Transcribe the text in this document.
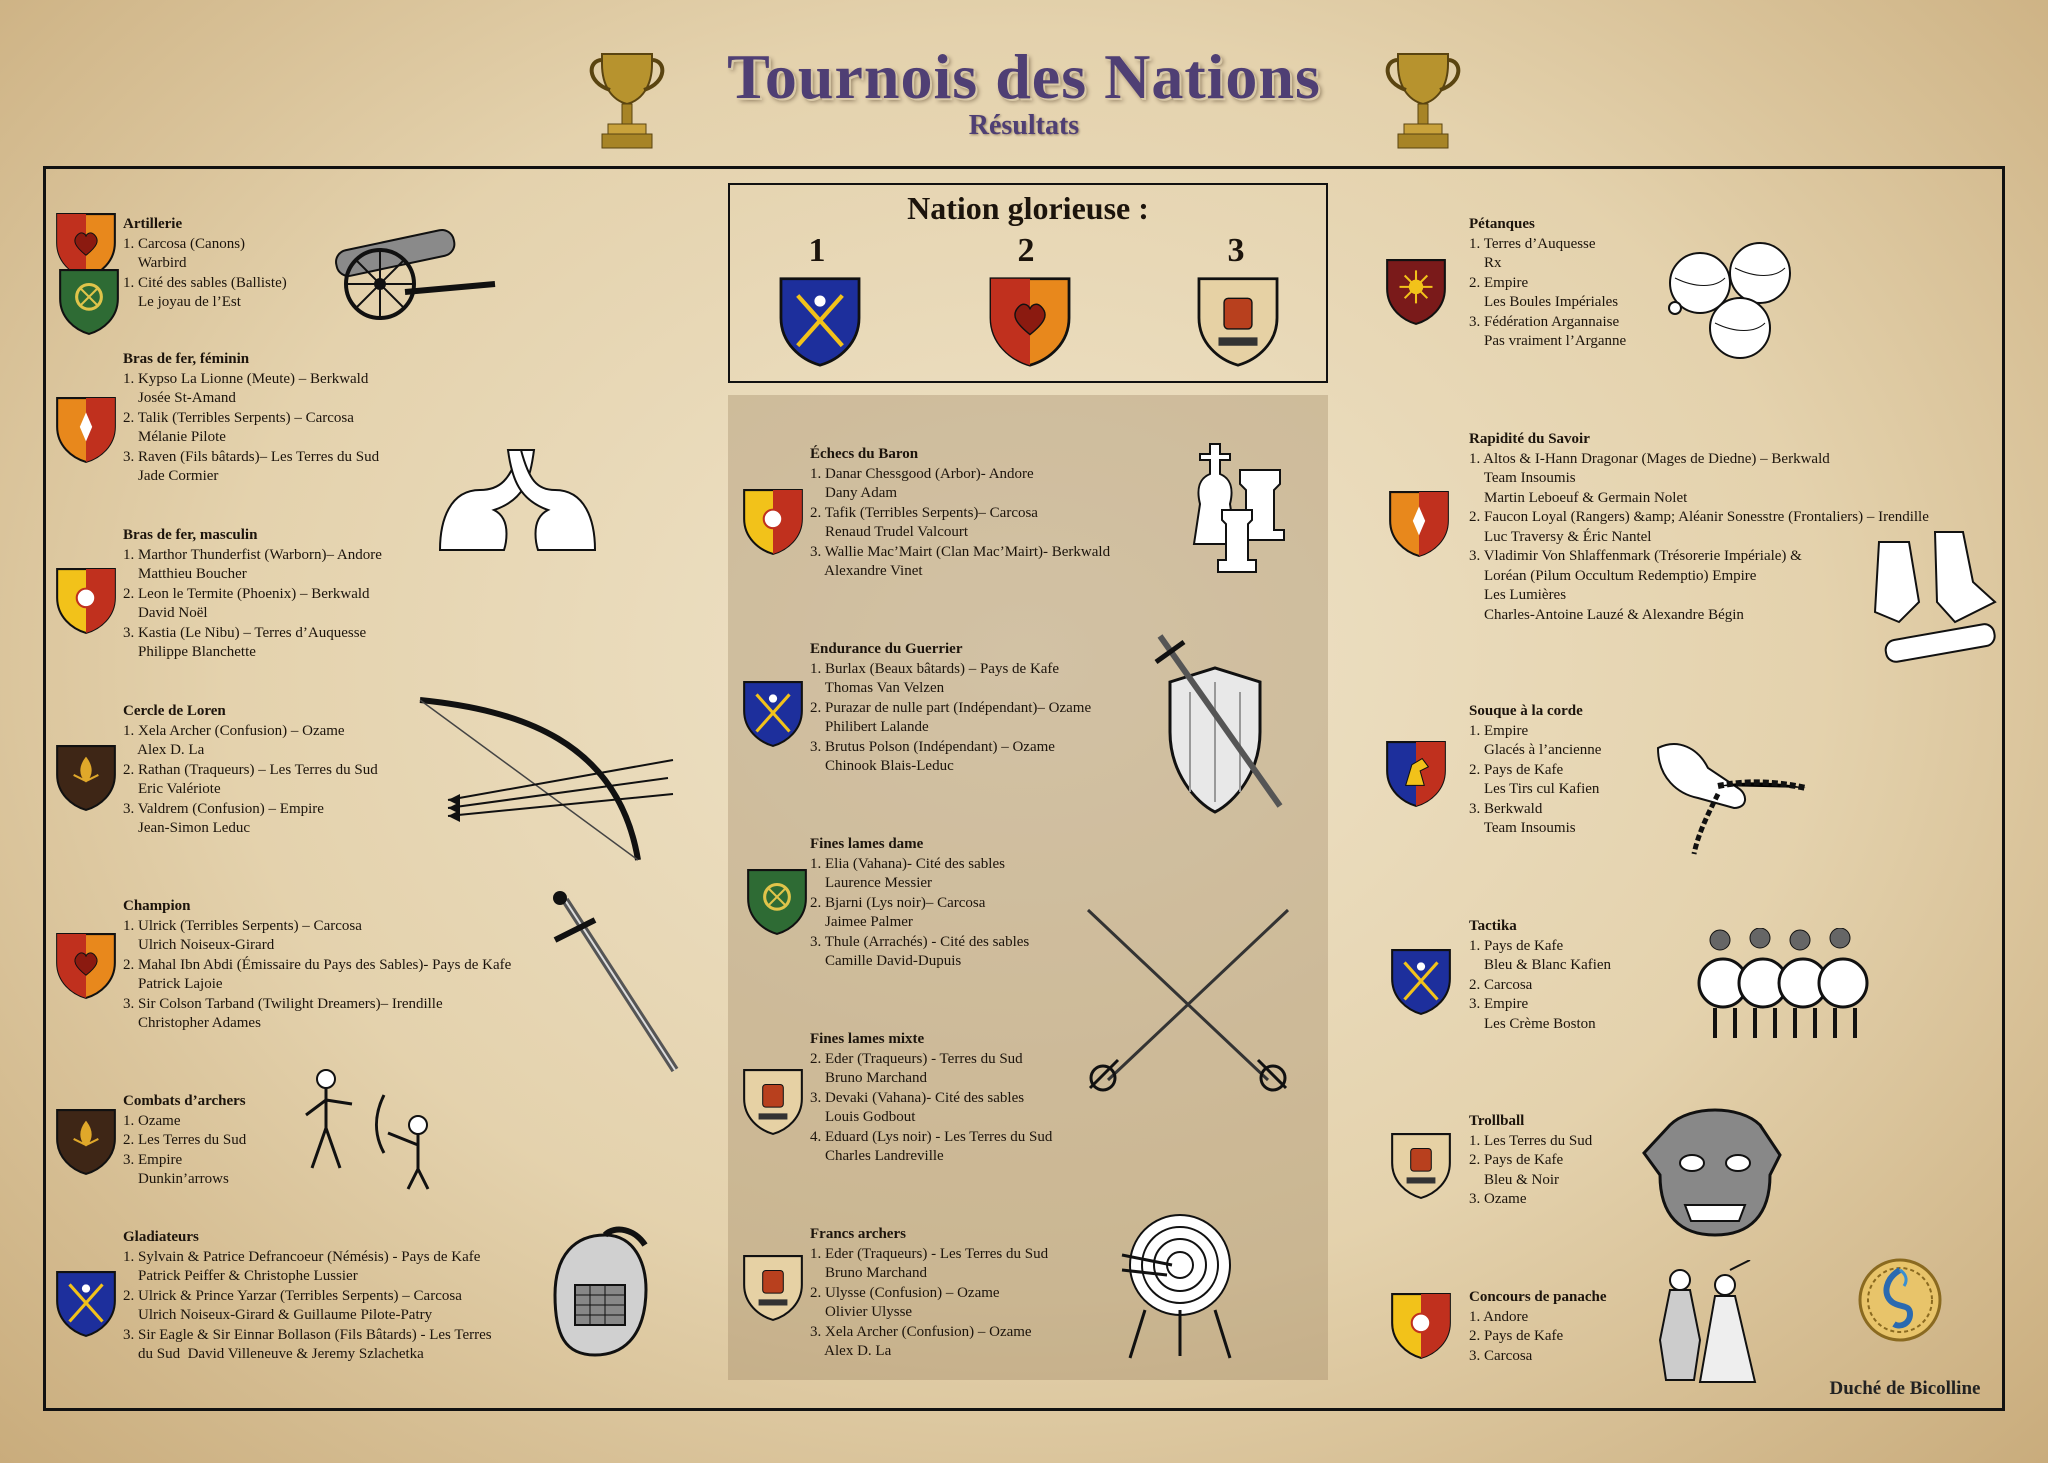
Tournois des Nations
Résultats
Nation glorieuse :
1	2	3
Artillerie
1. Carcosa (Canons)
Warbird
1. Cité des sables (Balliste)
Le joyau de l’Est
Bras de fer, féminin
1. Kypso La Lionne (Meute) – Berkwald
Josée St-Amand
2. Talik (Terribles Serpents) – Carcosa
Mélanie Pilote
3. Raven (Fils bâtards)– Les Terres du Sud
Jade Cormier
Bras de fer, masculin
1. Marthor Thunderfist (Warborn)– Andore
Matthieu Boucher
2. Leon le Termite (Phoenix) – Berkwald
David Noël
3. Kastia (Le Nibu) – Terres d’Auquesse
Philippe Blanchette
Cercle de Loren
1. Xela Archer (Confusion) – Ozame
Alex D. La
2. Rathan (Traqueurs) – Les Terres du Sud
Eric Valériote
3. Valdrem (Confusion) – Empire
Jean-Simon Leduc
Champion
1. Ulrick (Terribles Serpents) – Carcosa
Ulrich Noiseux-Girard
2. Mahal Ibn Abdi (Émissaire du Pays des Sables)- Pays de Kafe
Patrick Lajoie
3. Sir Colson Tarband (Twilight Dreamers)– Irendille
Christopher Adames
Combats d’archers
1. Ozame
2. Les Terres du Sud
3. Empire
Dunkin’arrows
Gladiateurs
1. Sylvain & Patrice Defrancoeur (Némésis) - Pays de Kafe
Patrick Peiffer & Christophe Lussier
2. Ulrick & Prince Yarzar (Terribles Serpents) – Carcosa
Ulrich Noiseux-Girard & Guillaume Pilote-Patry
3. Sir Eagle & Sir Einnar Bollason (Fils Bâtards) - Les Terres
du Sud  David Villeneuve & Jeremy Szlachetka
Échecs du Baron
1. Danar Chessgood (Arbor)- Andore
Dany Adam
2. Tafik (Terribles Serpents)– Carcosa
Renaud Trudel Valcourt
3. Wallie Mac’Mairt (Clan Mac’Mairt)- Berkwald
Alexandre Vinet
Endurance du Guerrier
1. Burlax (Beaux bâtards) – Pays de Kafe
Thomas Van Velzen
2. Purazar de nulle part (Indépendant)– Ozame
Philibert Lalande
3. Brutus Polson (Indépendant) – Ozame
Chinook Blais-Leduc
Fines lames dame
1. Elia (Vahana)- Cité des sables
Laurence Messier
2. Bjarni (Lys noir)– Carcosa
Jaimee Palmer
3. Thule (Arrachés) - Cité des sables
Camille David-Dupuis
Fines lames mixte
2. Eder (Traqueurs) - Terres du Sud
Bruno Marchand
3. Devaki (Vahana)- Cité des sables
Louis Godbout
4. Eduard (Lys noir) - Les Terres du Sud
Charles Landreville
Francs archers
1. Eder (Traqueurs) - Les Terres du Sud
Bruno Marchand
2. Ulysse (Confusion) – Ozame
Olivier Ulysse
3. Xela Archer (Confusion) – Ozame
Alex D. La
Pétanques
1. Terres d’Auquesse
Rx
2. Empire
Les Boules Impériales
3. Fédération Argannaise
Pas vraiment l’Arganne
Rapidité du Savoir
1. Altos & I-Hann Dragonar (Mages de Diedne) – Berkwald
Team Insoumis
Martin Leboeuf & Germain Nolet
2. Faucon Loyal (Rangers) &amp; Aléanir Sonesstre (Frontaliers) – Irendille
Luc Traversy & Éric Nantel
3. Vladimir Von Shlaffenmark (Trésorerie Impériale) &
Loréan (Pilum Occultum Redemptio) Empire
Les Lumières
Charles-Antoine Lauzé & Alexandre Bégin
Souque à la corde
1. Empire
Glacés à l’ancienne
2. Pays de Kafe
Les Tirs cul Kafien
3. Berkwald
Team Insoumis
Tactika
1. Pays de Kafe
Bleu & Blanc Kafien
2. Carcosa
3. Empire
Les Crème Boston
Trollball
1. Les Terres du Sud
2. Pays de Kafe
Bleu & Noir
3. Ozame
Concours de panache
1. Andore
2. Pays de Kafe
3. Carcosa
Duché de Bicolline
